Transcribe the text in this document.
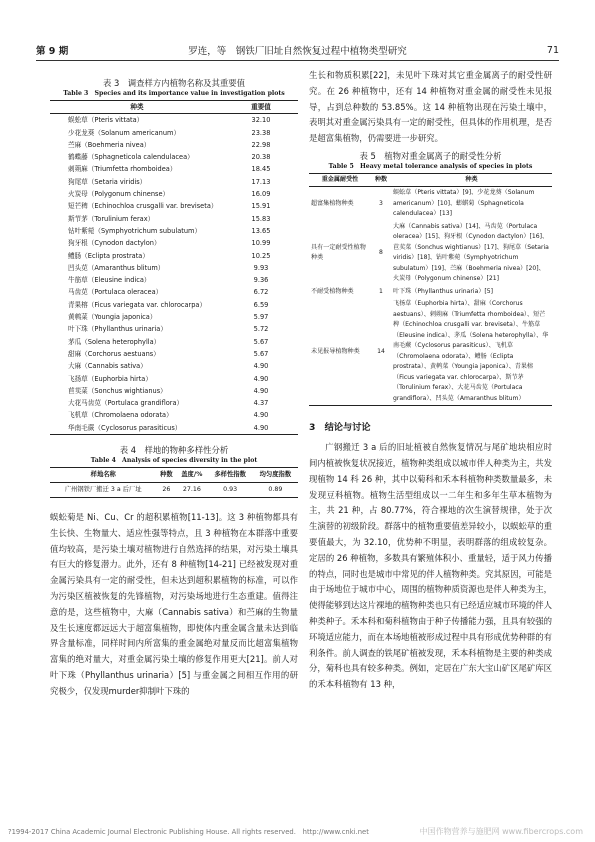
第 9 期	罗连，等　钢铁厂旧址自然恢复过程中植物类型研究	71
表 3　调查样方内植物名称及其重要值
Table 3　Species and its importance value in investigation plots
种类	重要值
蜈蚣草（Pteris vittata）	32.10
少花龙葵（Solanum americanum）	23.38
苎麻（Boehmeria nivea）	22.98
鹤蝶藤（Sphagneticola calendulacea）	20.38
刺蒴麻（Triumfetta rhomboidea）	18.45
狗尾草（Setaria viridis）	17.13
火炭母（Polygonum chinense）	16.09
短芒稗（Echinochloa crusgalli var. breviseta）	15.91
斯节茅（Torulinium ferax）	15.83
钻叶紫菀（Symphyotrichum subulatum）	13.65
狗牙根（Cynodon dactylon）	10.99
鳢肠（Eclipta prostrata）	10.25
凹头苋（Amaranthus blitum）	9.93
牛筋草（Eleusine indica）	9.36
马齿苋（Portulaca oleracea）	6.72
青果榕（Ficus variegata var. chlorocarpa）	6.59
黄鹌菜（Youngia japonica）	5.97
叶下珠（Phyllanthus urinaria）	5.72
茅瓜（Solena heterophylla）	5.67
甜麻（Corchorus aestuans）	5.67
大麻（Cannabis sativa）	4.90
飞扬草（Euphorbia hirta）	4.90
苣荬菜（Sonchus wightianus）	4.90
大花马齿苋（Portulaca grandiflora）	4.37
飞机草（Chromolaena odorata）	4.90
华南毛蕨（Cyclosorus parasiticus）	4.90
表 4　样地的物种多样性分析
Table 4　Analysis of species diversity in the plot
样地名称	种数	盖度/%	多样性指数	均匀度指数
广州钢铁厂搬迁 3 a 后厂址	26	27.16	0.93	0.89
蜈蚣菊是 Ni、Cu、Cr 的超积累植物[11-13]。这 3 种植物都具有生长快、生物量大、适应性强等特点，且 3 种植物在本群落中重要值均较高，是污染土壤对植物进行自然选择的结果，对污染土壤具有巨大的修复潜力。此外，还有 8 种植物[14-21] 已经被发现对重金属污染具有一定的耐受性，但未达到超积累植物的标准，可以作为污染区植被恢复的先锋植物，对污染场地进行生态重建。值得注意的是，这些植物中，大麻（Cannabis sativa）和苎麻的生物量及生长速度都远远大于超富集植物，即使体内重金属含量未达到临界含量标准，同样时间内所富集的重金属绝对量反而比超富集植物富集的绝对量大，对重金属污染土壤的修复作用更大[21]。前人对叶下珠（Phyllanthus urinaria）[5] 与重金属之间相互作用的研究极少，仅发现murder抑制叶下珠的
生长和物质积累[22]，未见叶下珠对其它重金属离子的耐受性研究。在 26 种植物中，还有 14 种植物对重金属的耐受性未见报导，占到总种数的 53.85%。这 14 种植物出现在污染土壤中，表明其对重金属污染具有一定的耐受性，但具体的作用机理，是否是超富集植物，仍需要进一步研究。
表 5　植物对重金属离子的耐受性分析
Table 5　Heavy metal tolerance analysis of species in plots
重金属耐受性	种数	种类
超富集植物种类	3	蜈蚣草（Pteris vittata）[9]、少花龙葵（Solanum americanum）[10]、蟛蜞菊（Sphagneticola calendulacea）[13]
具有一定耐受性植物种类	8	大麻（Cannabis sativa）[14]、马齿苋（Portulaca oleracea）[15]、狗牙根（Cynodon dactylon）[16]、苣荬菜（Sonchus wightianus）[17]、狗尾草（Setaria viridis）[18]、钻叶紫菀（Symphyotrichum subulatum）[19]、苎麻（Boehmeria nivea）[20]、火炭母（Polygonum chinense）[21]
不耐受植物种类	1	叶下珠（Phyllanthus urinaria）[5]
未见报导植物种类	14	飞扬草（Euphorbia hirta）、甜麻（Corchorus aestuans）、刺蒴麻（Triumfetta rhomboidea）、短芒稗（Echinochloa crusgalli var. breviseta）、牛筋草（Eleusine indica）、茅瓜（Solena heterophylla）、华南毛蕨（Cyclosorus parasiticus）、飞机草（Chromolaena odorata）、鳢肠（Eclipta prostrata）、黄鹌菜（Youngia japonica）、青果榕（Ficus variegata var. chlorocarpa）、斯节茅（Torulinium ferax）、大花马齿苋（Portulaca grandiflora）、凹头苋（Amaranthus blitum）
3　结论与讨论
广钢搬迁 3 a 后的旧址植被自然恢复情况与尾矿地块相应时间内植被恢复状况接近，植物种类组成以城市伴人种类为主，共发现植物 14 科 26 种，其中以菊科和禾本科植物种类数量最多，未发现豆科植物。植物生活型组成以一二年生和多年生草本植物为主，共 21 种，占 80.77%，符合裸地的次生演替规律，处于次生演替的初级阶段。群落中的植物重要值差异较小，以蜈蚣草的重要值最大，为 32.10，优势种不明显，表明群落的组成较复杂。定居的 26 种植物，多数具有繁殖体积小、重量轻，适于风力传播的特点，同时也是城市中常见的伴人植物种类。究其原因，可能是由于场地位于城市中心，周围的植物种质资源也是伴人种类为主，使得能够到达这片裸地的植物种类也只有已经适应城市环境的伴人种类种子。禾本科和菊科植物由于种子传播能力强，且具有较强的环境适应能力，而在本场地植被形成过程中具有形成优势种群的有利条件。前人调查的铁尾矿植被发现，禾本科植物是主要的种类成分，菊科也具有较多种类。例如，定居在广东大宝山矿区尾矿库区的禾本科植物有 13 种，
?1994-2017 China Academic Journal Electronic Publishing House. All rights reserved.　http://www.cnki.net	中国作物营养与施肥网 www.fibercrops.com
